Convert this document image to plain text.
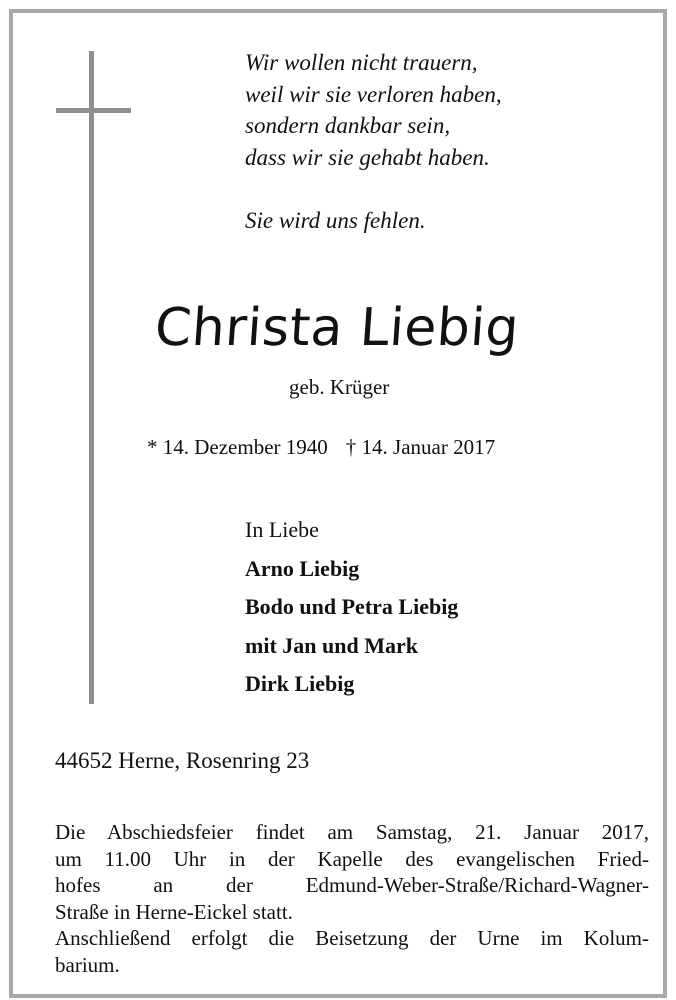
Wir wollen nicht trauern,
weil wir sie verloren haben,
sondern dankbar sein,
dass wir sie gehabt haben.
Sie wird uns fehlen.
Christa Liebig
geb. Krüger
* 14. Dezember 1940 † 14. Januar 2017
In Liebe
Arno Liebig
Bodo und Petra Liebig
mit Jan und Mark
Dirk Liebig
44652 Herne, Rosenring 23
Die Abschiedsfeier findet am Samstag, 21. Januar 2017,
um 11.00 Uhr in der Kapelle des evangelischen Fried-
hofes an der Edmund-Weber-Straße/Richard-Wagner-
Straße in Herne-Eickel statt.
Anschließend erfolgt die Beisetzung der Urne im Kolum-
barium.
